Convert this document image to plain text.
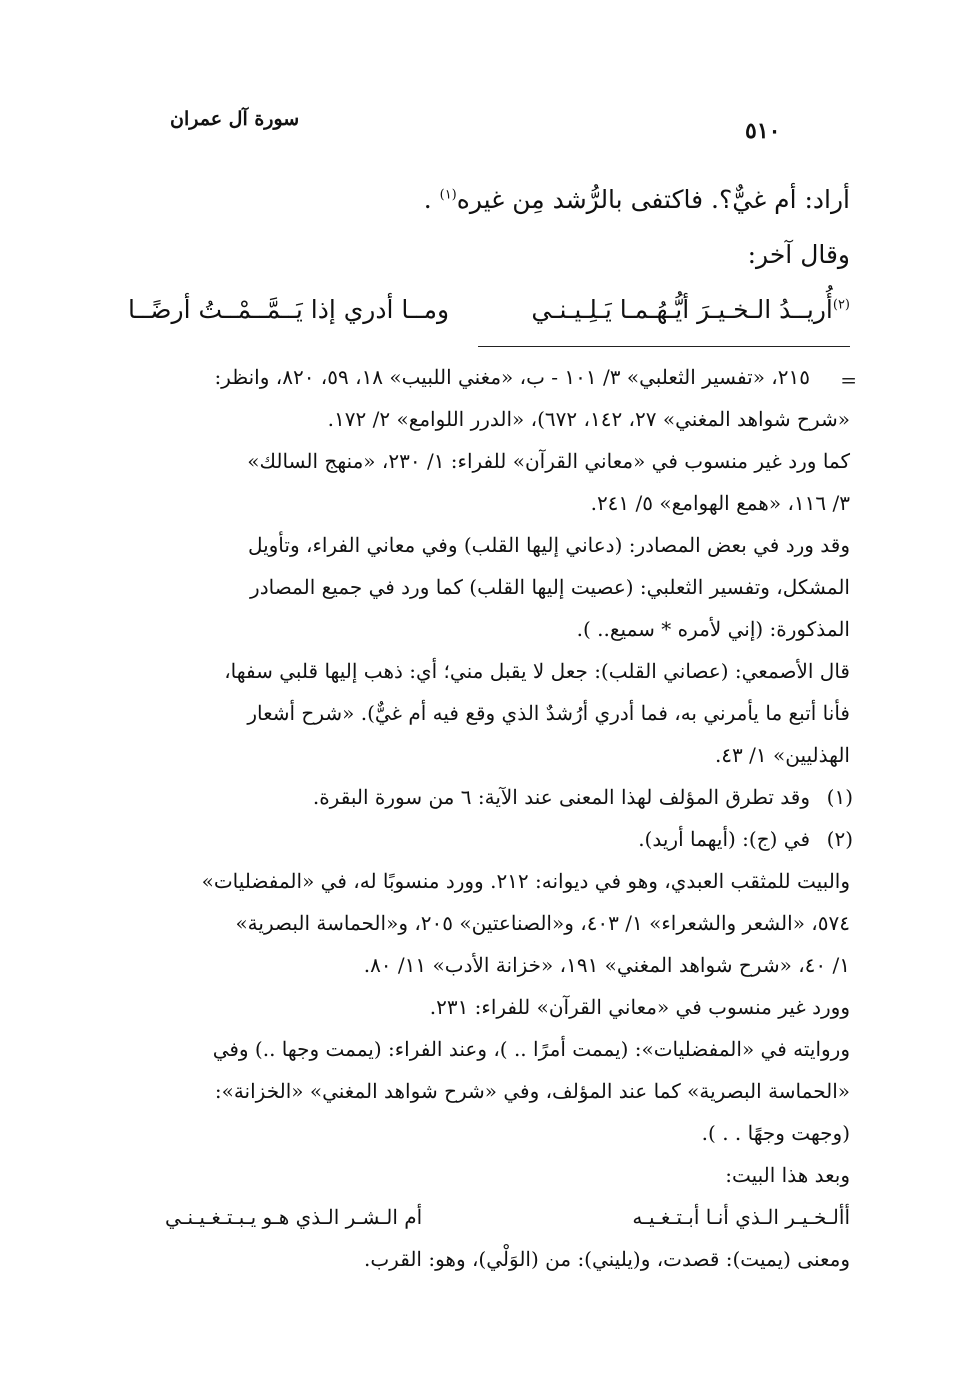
سورة آل عمران	٥١٠
أراد: أم غيٌّ؟. فاكتفى بالرُّشد مِن غيره$^{(١)}$ .
وقال آخر:
$^{(٢)}$أُريــدُ الـخـيـرَ أيُّـهُـمـا يَـلِـيـنـي
ومــا أدري إذا يَــمَّــمْــتُ أرضًــا
=
٢١٥، «تفسير الثعلبي» ٣/ ١٠١ - ب، «مغني اللبيب» ١٨، ٥٩، ٨٢٠، وانظر:
«شرح شواهد المغني» ٢٧، ١٤٢، ٦٧٢)، «الدرر اللوامع» ٢/ ١٧٢.
كما ورد غير منسوب في «معاني القرآن» للفراء: ١/ ٢٣٠، «منهج السالك»
٣/ ١١٦، «همع الهوامع» ٥/ ٢٤١.
وقد ورد في بعض المصادر: (دعاني إليها القلب) وفي معاني الفراء، وتأويل
المشكل، وتفسير الثعلبي: (عصيت إليها القلب) كما ورد في جميع المصادر
المذكورة: (إني لأمره * سميع.. ).
قال الأصمعي: (عصاني القلب): جعل لا يقبل مني؛ أي: ذهب إليها قلبي سفها،
فأنا أتبع ما يأمرني به، فما أدري أرُشدٌ الذي وقع فيه أم غيٌّ). «شرح أشعار
الهذليين» ١/ ٤٣.
(١)
وقد تطرق المؤلف لهذا المعنى عند الآية: ٦ من سورة البقرة.
(٢)
في (ج): (أيهما أريد).
والبيت للمثقب العبدي، وهو في ديوانه: ٢١٢. وورد منسوبًا له، في «المفضليات»
٥٧٤، «الشعر والشعراء» ١/ ٤٠٣، و«الصناعتين» ٢٠٥، و«الحماسة البصرية»
١/ ٤٠، «شرح شواهد المغني» ١٩١، «خزانة الأدب» ١١/ ٨٠.
وورد غير منسوب في «معاني القرآن» للفراء: ٢٣١.
وروايته في «المفضليات»: (يممت أمرًا .. )، وعند الفراء: (يممت وجها ..) وفي
«الحماسة البصرية» كما عند المؤلف، وفي «شرح شواهد المغني» «الخزانة»:
(وجهت وجهًا . . ).
وبعد هذا البيت:
أألـخـيـر الـذي أنـا أبـتـغـيـه
أم الـشـر الـذي هـو يـبـتـغـيـنـي
ومعنى (يميت): قصدت، و(يليني): من (الوَلْي)، وهو: القرب.
